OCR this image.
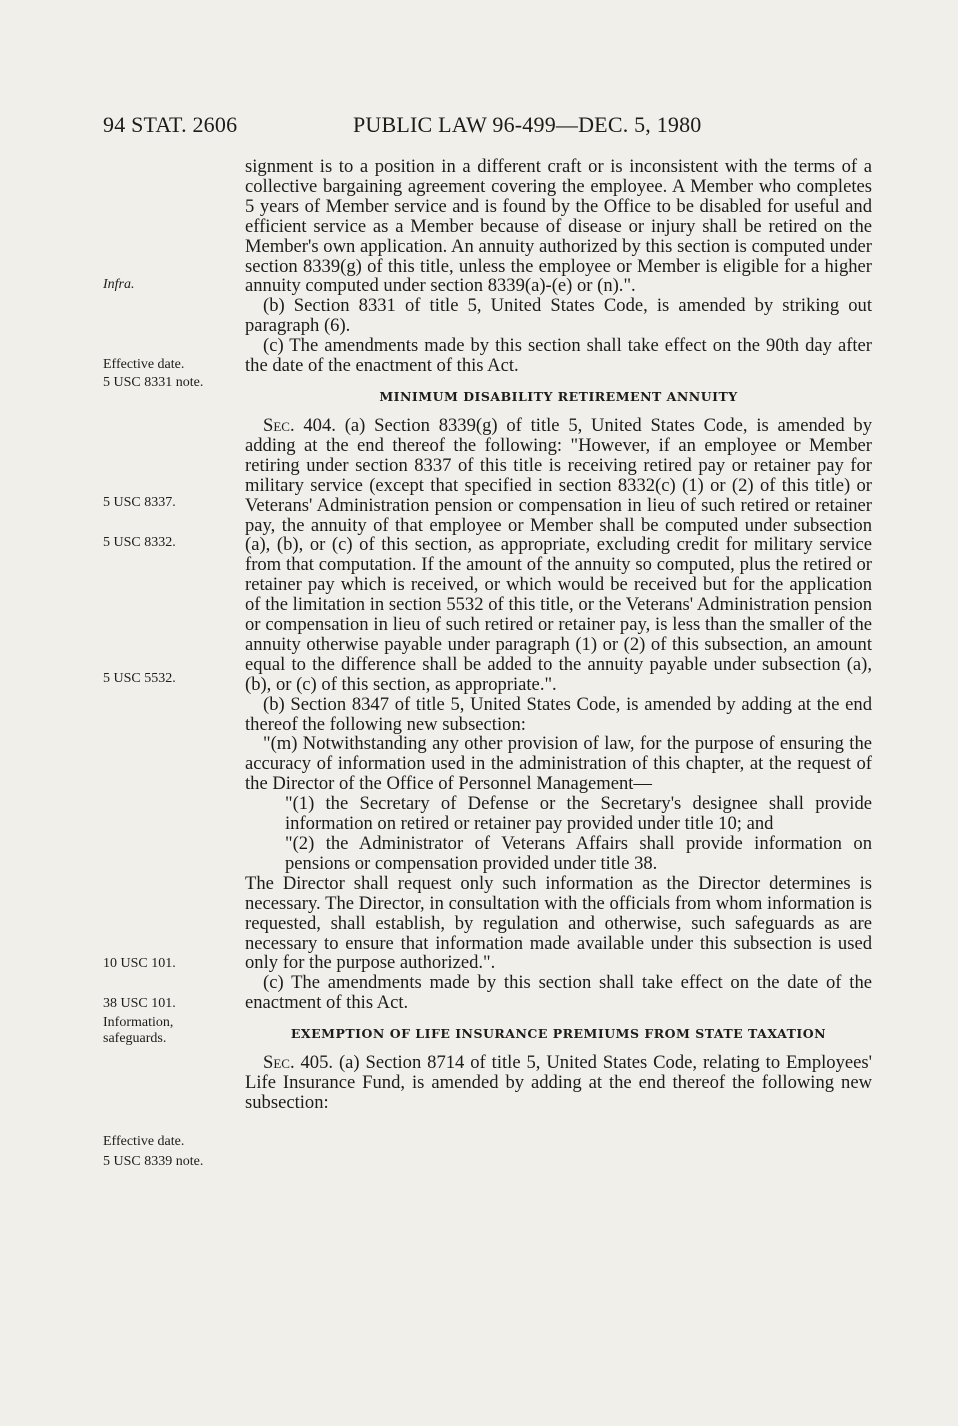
94 STAT. 2606	PUBLIC LAW 96-499—DEC. 5, 1980
Infra.
Effective date.
5 USC 8331 note.
5 USC 8337.
5 USC 8332.
5 USC 5532.
10 USC 101.
38 USC 101.
Information,
safeguards.
Effective date.
5 USC 8339 note.

signment is to a position in a different craft or is inconsistent with the terms of a collective bargaining agreement covering the employee. A Member who completes 5 years of Member service and is found by the Office to be disabled for useful and efficient service as a Member because of disease or injury shall be retired on the Member's own application. An annuity authorized by this section is computed under section 8339(g) of this title, unless the employee or Member is eligible for a higher annuity computed under section 8339(a)-(e) or (n).".

(b) Section 8331 of title 5, United States Code, is amended by striking out paragraph (6).

(c) The amendments made by this section shall take effect on the 90th day after the date of the enactment of this Act.

MINIMUM DISABILITY RETIREMENT ANNUITY

Sec. 404. (a) Section 8339(g) of title 5, United States Code, is amended by adding at the end thereof the following: "However, if an employee or Member retiring under section 8337 of this title is receiving retired pay or retainer pay for military service (except that specified in section 8332(c) (1) or (2) of this title) or Veterans' Administration pension or compensation in lieu of such retired or retainer pay, the annuity of that employee or Member shall be computed under subsection (a), (b), or (c) of this section, as appropriate, excluding credit for military service from that computation. If the amount of the annuity so computed, plus the retired or retainer pay which is received, or which would be received but for the application of the limitation in section 5532 of this title, or the Veterans' Administration pension or compensation in lieu of such retired or retainer pay, is less than the smaller of the annuity otherwise payable under paragraph (1) or (2) of this subsection, an amount equal to the difference shall be added to the annuity payable under subsection (a), (b), or (c) of this section, as appropriate.".

(b) Section 8347 of title 5, United States Code, is amended by adding at the end thereof the following new subsection:

"(m) Notwithstanding any other provision of law, for the purpose of ensuring the accuracy of information used in the administration of this chapter, at the request of the Director of the Office of Personnel Management—

"(1) the Secretary of Defense or the Secretary's designee shall provide information on retired or retainer pay provided under title 10; and

"(2) the Administrator of Veterans Affairs shall provide information on pensions or compensation provided under title 38.

The Director shall request only such information as the Director determines is necessary. The Director, in consultation with the officials from whom information is requested, shall establish, by regulation and otherwise, such safeguards as are necessary to ensure that information made available under this subsection is used only for the purpose authorized.".

(c) The amendments made by this section shall take effect on the date of the enactment of this Act.

EXEMPTION OF LIFE INSURANCE PREMIUMS FROM STATE TAXATION

Sec. 405. (a) Section 8714 of title 5, United States Code, relating to Employees' Life Insurance Fund, is amended by adding at the end thereof the following new subsection:
